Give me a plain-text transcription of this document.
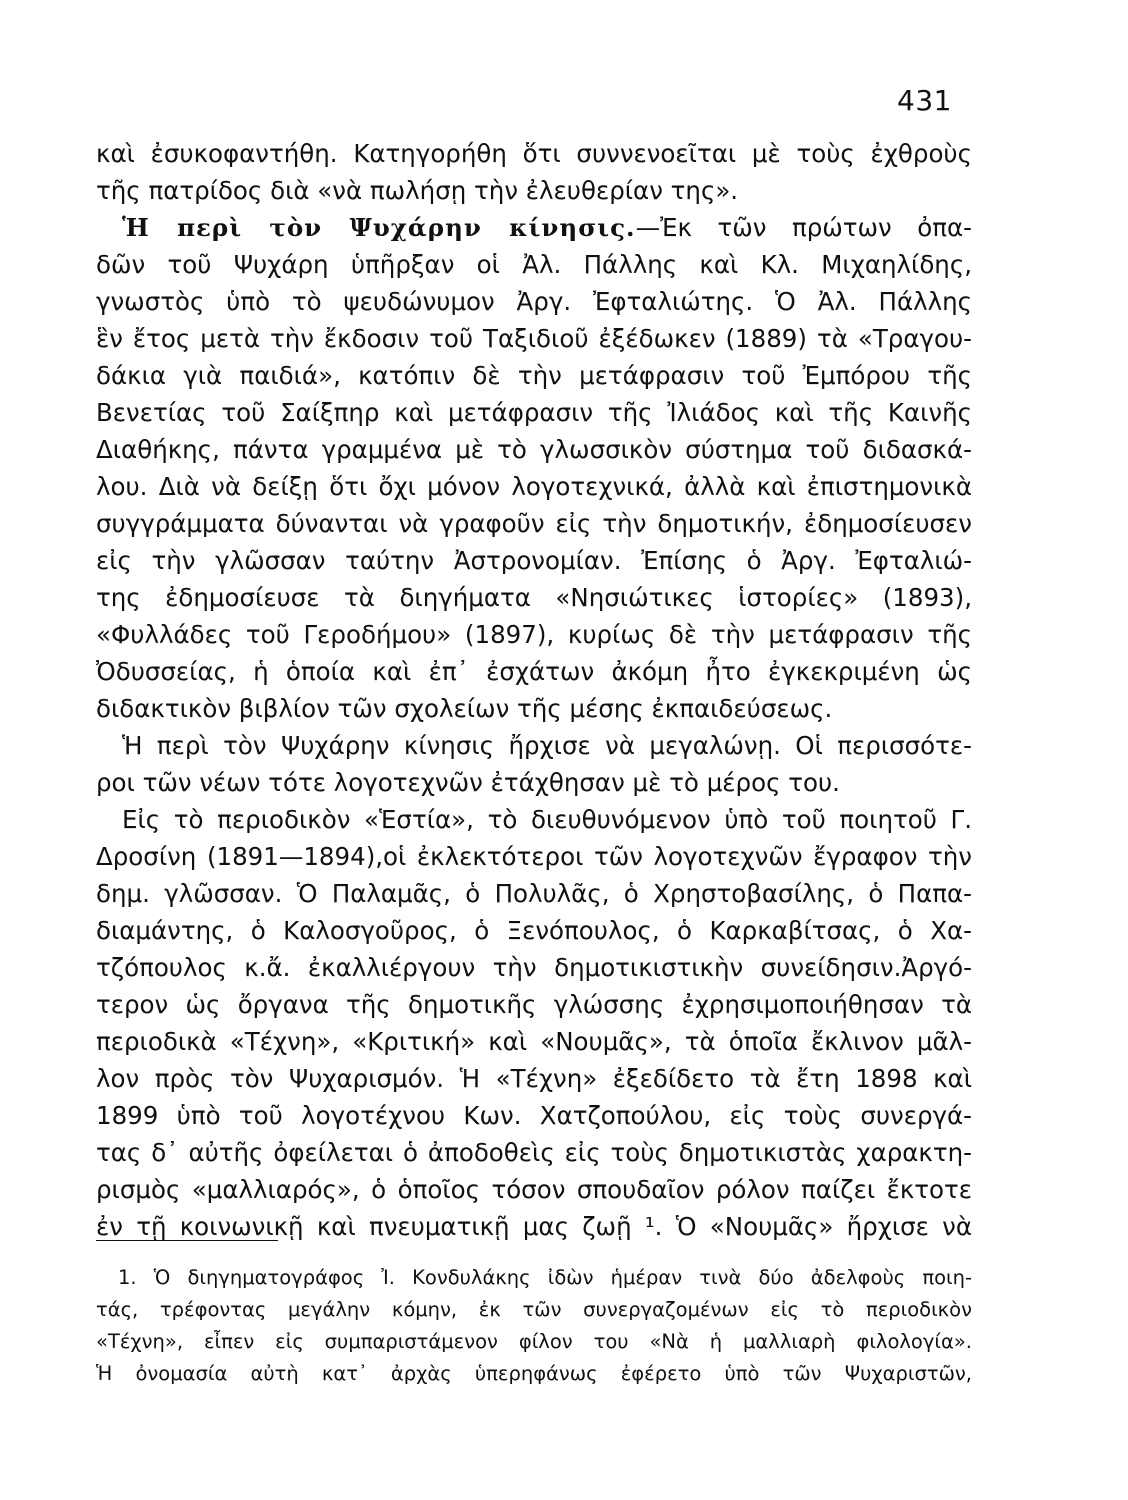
431
καὶ ἐσυκοφαντήθη. Κατηγορήθη ὅτι συννενοεῖται μὲ τοὺς ἐχθροὺς
τῆς πατρίδος διὰ «νὰ πωλήσῃ τὴν ἐλευθερίαν της».
Ἡ περὶ τὸν Ψυχάρην κίνησις.—Ἐκ τῶν πρώτων ὀπα-
δῶν τοῦ Ψυχάρη ὑπῆρξαν οἱ Ἀλ. Πάλλης καὶ Κλ. Μιχαηλίδης,
γνωστὸς ὑπὸ τὸ ψευδώνυμον Ἀργ. Ἐφταλιώτης. Ὁ Ἀλ. Πάλλης
ἓν ἔτος μετὰ τὴν ἔκδοσιν τοῦ Ταξιδιοῦ ἐξέδωκεν (1889) τὰ «Τραγου-
δάκια γιὰ παιδιά», κατόπιν δὲ τὴν μετάφρασιν τοῦ Ἐμπόρου τῆς
Βενετίας τοῦ Σαίξπηρ καὶ μετάφρασιν τῆς Ἰλιάδος καὶ τῆς Καινῆς
Διαθήκης, πάντα γραμμένα μὲ τὸ γλωσσικὸν σύστημα τοῦ διδασκά-
λου. Διὰ νὰ δείξῃ ὅτι ὄχι μόνον λογοτεχνικά, ἀλλὰ καὶ ἐπιστημονικὰ
συγγράμματα δύνανται νὰ γραφοῦν εἰς τὴν δημοτικήν, ἐδημοσίευσεν
εἰς τὴν γλῶσσαν ταύτην Ἀστρονομίαν. Ἐπίσης ὁ Ἀργ. Ἐφταλιώ-
της ἐδημοσίευσε τὰ διηγήματα «Νησιώτικες ἱστορίες» (1893),
«Φυλλάδες τοῦ Γεροδήμου» (1897), κυρίως δὲ τὴν μετάφρασιν τῆς
Ὀδυσσείας, ἡ ὁποία καὶ ἐπ᾽ ἐσχάτων ἀκόμη ἦτο ἐγκεκριμένη ὡς
διδακτικὸν βιβλίον τῶν σχολείων τῆς μέσης ἐκπαιδεύσεως.
Ἡ περὶ τὸν Ψυχάρην κίνησις ἤρχισε νὰ μεγαλώνῃ. Οἱ περισσότε-
ροι τῶν νέων τότε λογοτεχνῶν ἐτάχθησαν μὲ τὸ μέρος του.
Εἰς τὸ περιοδικὸν «Ἑστία», τὸ διευθυνόμενον ὑπὸ τοῦ ποιητοῦ Γ.
Δροσίνη (1891—1894),οἱ ἐκλεκτότεροι τῶν λογοτεχνῶν ἔγραφον τὴν
δημ. γλῶσσαν. Ὁ Παλαμᾶς, ὁ Πολυλᾶς, ὁ Χρηστοβασίλης, ὁ Παπα-
διαμάντης, ὁ Καλοσγοῦρος, ὁ Ξενόπουλος, ὁ Καρκαβίτσας, ὁ Χα-
τζόπουλος κ.ἄ. ἐκαλλιέργουν τὴν δημοτικιστικὴν συνείδησιν.Ἀργό-
τερον ὡς ὄργανα τῆς δημοτικῆς γλώσσης ἐχρησιμοποιήθησαν τὰ
περιοδικὰ «Τέχνη», «Κριτική» καὶ «Νουμᾶς», τὰ ὁποῖα ἔκλινον μᾶλ-
λον πρὸς τὸν Ψυχαρισμόν. Ἡ «Τέχνη» ἐξεδίδετο τὰ ἔτη 1898 καὶ
1899 ὑπὸ τοῦ λογοτέχνου Κων. Χατζοπούλου, εἰς τοὺς συνεργά-
τας δ᾽ αὐτῆς ὀφείλεται ὁ ἀποδοθεὶς εἰς τοὺς δημοτικιστὰς χαρακτη-
ρισμὸς «μαλλιαρός», ὁ ὁποῖος τόσον σπουδαῖον ρόλον παίζει ἔκτοτε
ἐν τῇ κοινωνικῇ καὶ πνευματικῇ μας ζωῇ ¹. Ὁ «Νουμᾶς» ἤρχισε νὰ
1. Ὁ διηγηματογράφος Ἰ. Κονδυλάκης ἰδὼν ἡμέραν τινὰ δύο ἀδελφοὺς ποιη-
τάς, τρέφοντας μεγάλην κόμην, ἐκ τῶν συνεργαζομένων εἰς τὸ περιοδικὸν
«Τέχνη», εἶπεν εἰς συμπαριστάμενον φίλον του «Νὰ ἡ μαλλιαρὴ φιλολογία».
Ἡ ὀνομασία αὐτὴ κατ᾽ ἀρχὰς ὑπερηφάνως ἐφέρετο ὑπὸ τῶν Ψυχαριστῶν,
